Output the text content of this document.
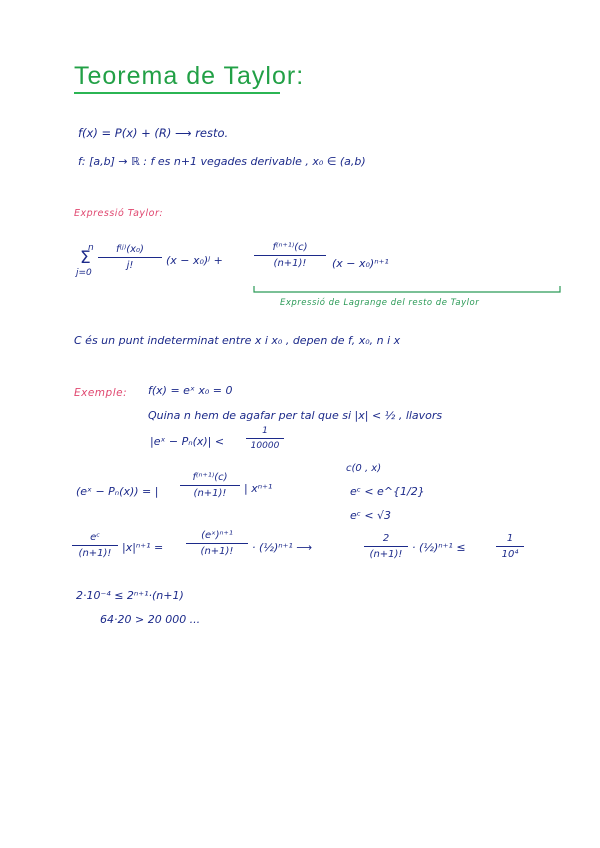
Teorema de Taylor:
f(x) = P(x) + (R) ⟶ resto.
f: [a,b] → ℝ : f es n+1 vegades derivable , x₀ ∈ (a,b)
Expressió Taylor:
n
Σ
j=0
f⁽ʲ⁾(x₀)
j!	(x − x₀)ʲ +
f⁽ⁿ⁺¹⁾(c)
(n+1)!	(x − x₀)ⁿ⁺¹
Expressió de Lagrange del resto de Taylor
C és un punt indeterminat entre x i x₀ , depen de f, x₀, n i x
Exemple: f(x) = eˣ x₀ = 0
Quina n hem de agafar per tal que si |x| < ½ , llavors
|eˣ − Pₙ(x)| <
1
10000
c(0 , x)
eᶜ < e^{1/2}
eᶜ < √3
(eˣ − Pₙ(x)) = |
f⁽ⁿ⁺¹⁾(c)
(n+1)!	| xⁿ⁺¹
eᶜ
(n+1)! |x|ⁿ⁺¹ =
(eˣ)ⁿ⁺¹
(n+1)!	· (½)ⁿ⁺¹ ⟶
2
(n+1)!
· (½)ⁿ⁺¹ ≤
1
10⁴
2·10⁻⁴ ≤ 2ⁿ⁺¹·(n+1)
64·20 > 20 000 ...
